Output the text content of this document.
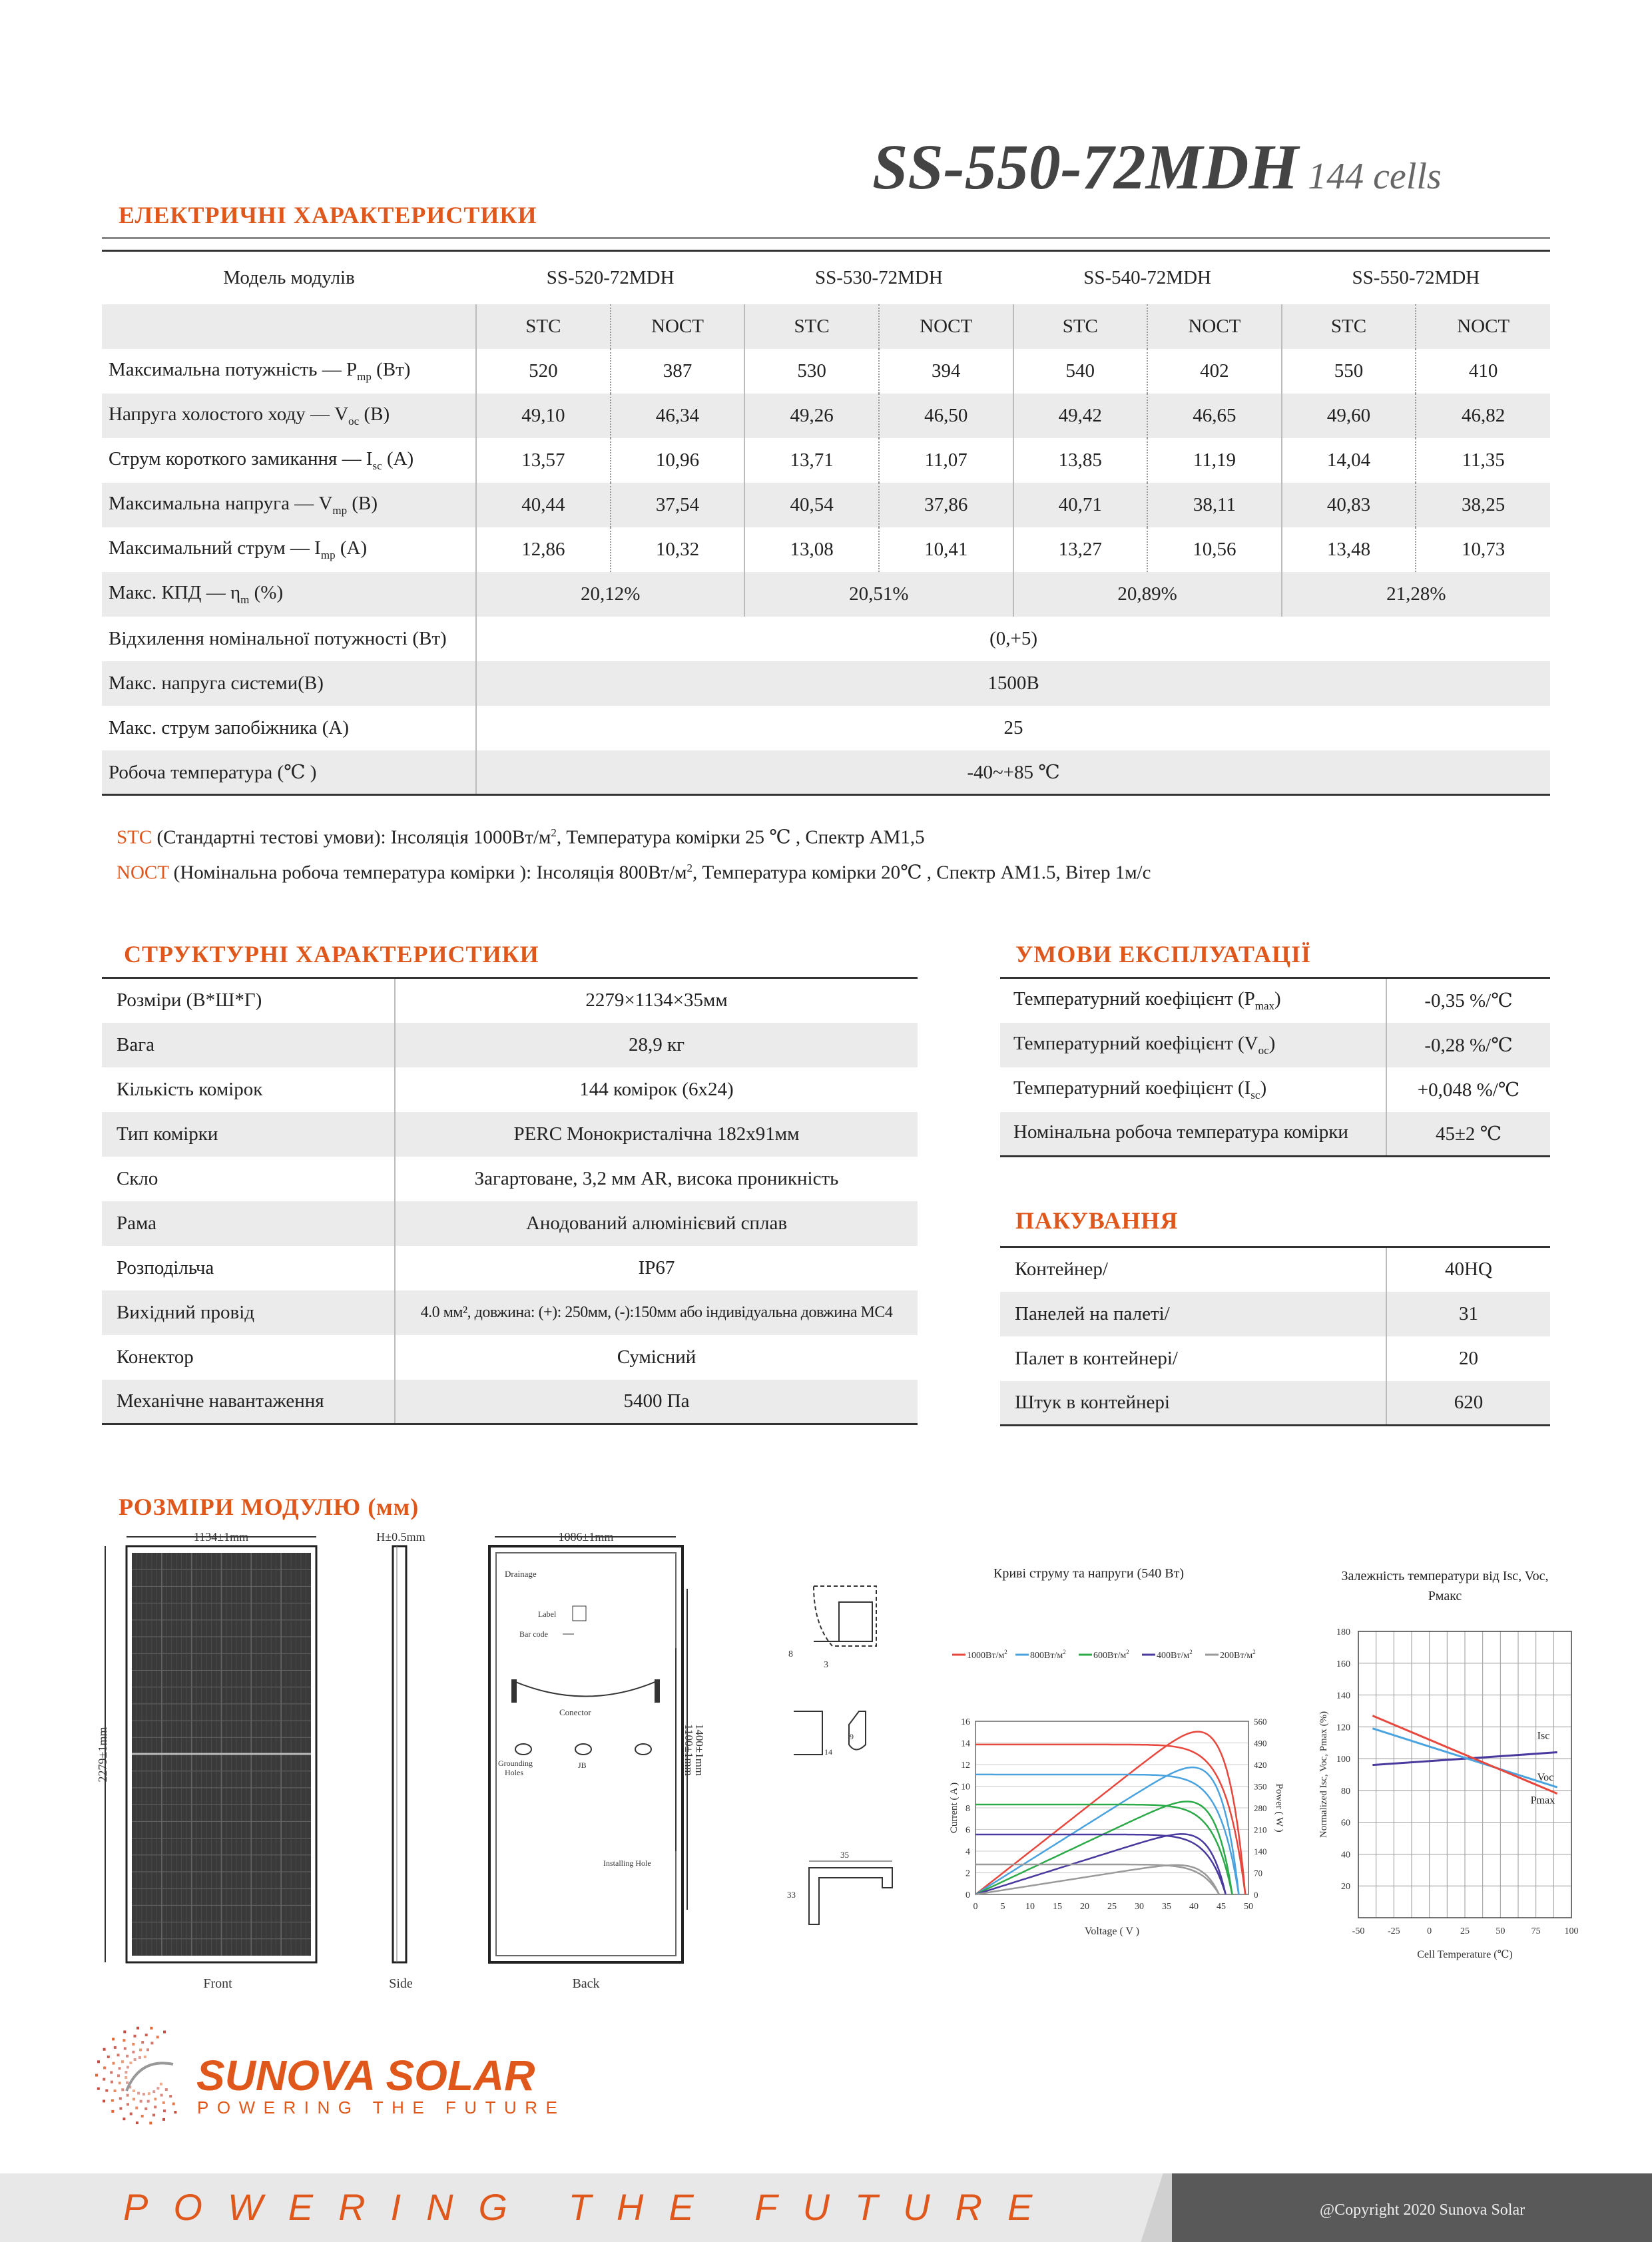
SS-550-72MDH 144 cells
ЕЛЕКТРИЧНІ ХАРАКТЕРИСТИКИ
Модель модулів	SS-520-72MDH		SS-530-72MDH		SS-540-72MDH		SS-550-72MDH	
	STC	NOCT	STC	NOCT	STC	NOCT	STC	NOCT
Максимальна потужність — $P_{mp}$ (Вт)	520	387	530	394	540	402	550	410
Напруга холостого ходу — $V_{oc}$ (В)	49,10	46,34	49,26	46,50	49,42	46,65	49,60	46,82
Струм короткого замикання — $I_{sc}$ (А)	13,57	10,96	13,71	11,07	13,85	11,19	14,04	11,35
Максимальна напруга — $V_{mp}$ (В)	40,44	37,54	40,54	37,86	40,71	38,11	40,83	38,25
Максимальний струм — $I_{mp}$ (А)	12,86	10,32	13,08	10,41	13,27	10,56	13,48	10,73
Макс. КПД — $\eta_m$ (%)	20,12%		20,51%		20,89%		21,28%	
Відхилення номінальної потужності (Вт)	(0,+5)							
Макс. напруга системи(В)	1500В							
Макс. струм запобіжника (А)	25							
Робоча температура (℃ )	-40~+85 ℃							
STC (Стандартні тестові умови): Інсоляція $1000Вт/м^2$, Температура комірки 25 ℃ , Спектр AM1,5
NOCT (Номінальна робоча температура комірки ): Інсоляція $800Вт/м^2$, Температура комірки 20℃ , Спектр AM1.5, Вітер 1м/с
СТРУКТУРНІ ХАРАКТЕРИСТИКИ
Розміри (В*Ш*Г)	2279×1134×35мм
Вага	28,9 кг
Кількість комірок	144 комірок (6x24)
Тип комірки	PERC Монокристалічна 182x91мм
Скло	Загартоване, 3,2 мм AR, висока проникність
Рама	Анодований алюмінієвий сплав
Розподільча	IP67
Вихідний провід	4.0 мм², довжина: (+): 250мм, (-):150мм або індивідуальна довжина MC4
Конектор	Сумісний
Механічне навантаження	5400 Па
УМОВИ ЕКСПЛУАТАЦІЇ
Температурний коефіцієнт $(P_{max})$	-0,35 %/℃
Температурний коефіцієнт $(V_{oc})$	-0,28 %/℃
Температурний коефіцієнт $(I_{sc})$	+0,048 %/℃
Номінальна робоча температура комірки	45±2 ℃
ПАКУВАННЯ
Контейнер/	40HQ
Панелей на палеті/	31
Палет в контейнері/	20
Штук в контейнері	620
РОЗМІРИ МОДУЛЮ (мм)
1134±1mm
2279±1mm
Front
H±0.5mm
Side
1086±1mm
Drainage
Label
Bar code
Conector
Grounding
Holes
JB
Installing Hole
1100±1mm
1400±1mm
Back
8
3
9
14
35
33
Криві струму та напруги (540 Вт)
$1000Вт/м^2$ $800Вт/м^2$	$600Вт/м^2$	$400Вт/м^2$	$200Вт/м^2$
0	0
2	70
4	140
6	210
8	280
10	350
12	420
14	490
16	560
0 5 10 15 20 25 30 35 40 45 50
Voltage ( V )
Current ( A )	Power ( W )
Залежність температури від Isc, Voc, Pмакс
20
40
60
80
100
120
140
160
180
-50 -25	0	25	50	75	100
Cell Temperature (℃)
Normalized Isc, Voc, Pmax (%)	Isc
Voc
Pmax
SUNOVA SOLAR
POWERING THE FUTURE
POWERING THE FUTURE	@Copyright 2020 Sunova Solar
